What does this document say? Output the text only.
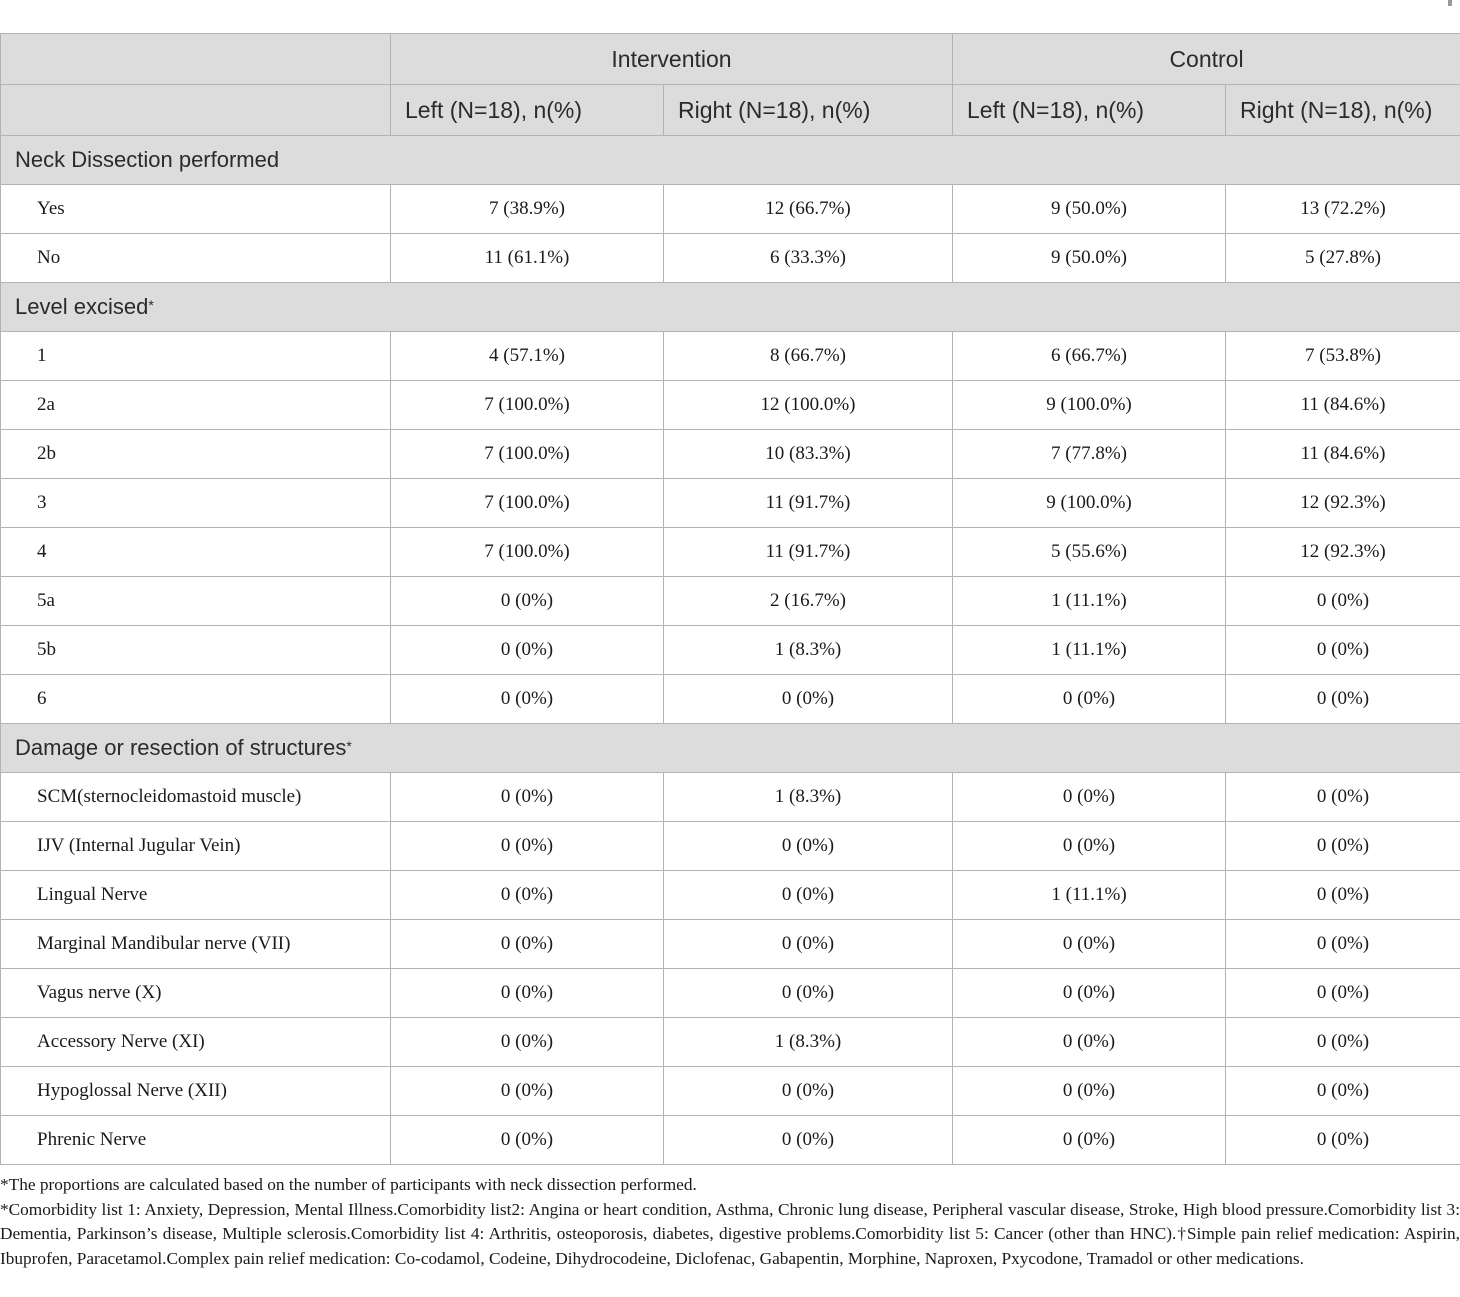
	Intervention		Control	
	Left (N=18), n(%)	Right (N=18), n(%)	Left (N=18), n(%)	Right (N=18), n(%)
Neck Dissection performed				
Yes	7 (38.9%)	12 (66.7%)	9 (50.0%)	13 (72.2%)
No	11 (61.1%)	6 (33.3%)	9 (50.0%)	5 (27.8%)
Level excised*				
1	4 (57.1%)	8 (66.7%)	6 (66.7%)	7 (53.8%)
2a	7 (100.0%)	12 (100.0%)	9 (100.0%)	11 (84.6%)
2b	7 (100.0%)	10 (83.3%)	7 (77.8%)	11 (84.6%)
3	7 (100.0%)	11 (91.7%)	9 (100.0%)	12 (92.3%)
4	7 (100.0%)	11 (91.7%)	5 (55.6%)	12 (92.3%)
5a	0 (0%)	2 (16.7%)	1 (11.1%)	0 (0%)
5b	0 (0%)	1 (8.3%)	1 (11.1%)	0 (0%)
6	0 (0%)	0 (0%)	0 (0%)	0 (0%)
Damage or resection of structures*				
SCM(sternocleidomastoid muscle)	0 (0%)	1 (8.3%)	0 (0%)	0 (0%)
IJV (Internal Jugular Vein)	0 (0%)	0 (0%)	0 (0%)	0 (0%)
Lingual Nerve	0 (0%)	0 (0%)	1 (11.1%)	0 (0%)
Marginal Mandibular nerve (VII)	0 (0%)	0 (0%)	0 (0%)	0 (0%)
Vagus nerve (X)	0 (0%)	0 (0%)	0 (0%)	0 (0%)
Accessory Nerve (XI)	0 (0%)	1 (8.3%)	0 (0%)	0 (0%)
Hypoglossal Nerve (XII)	0 (0%)	0 (0%)	0 (0%)	0 (0%)
Phrenic Nerve	0 (0%)	0 (0%)	0 (0%)	0 (0%)

*The proportions are calculated based on the number of participants with neck dissection performed.

*Comorbidity list 1: Anxiety, Depression, Mental Illness.Comorbidity list2: Angina or heart condition, Asthma, Chronic lung disease, Peripheral vascular disease, Stroke, High blood pressure.Comorbidity list 3: Dementia, Parkinson’s disease, Multiple sclerosis.Comorbidity list 4: Arthritis, osteoporosis, diabetes, digestive problems.Comorbidity list 5: Cancer (other than HNC).†Simple pain relief medication: Aspirin, Ibuprofen, Paracetamol.Complex pain relief medication: Co-codamol, Codeine, Dihydrocodeine, Diclofenac, Gabapentin, Morphine, Naproxen, Pxycodone, Tramadol or other medications.
